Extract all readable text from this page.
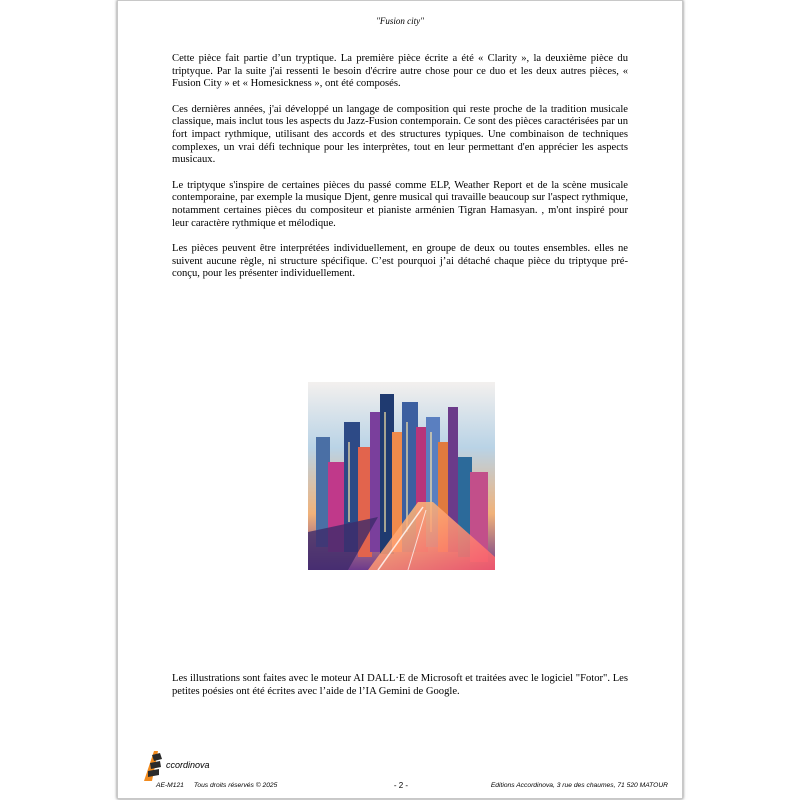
"Fusion city"

Cette pièce fait partie d’un tryptique. La première pièce écrite a été « Clarity », la deuxième pièce du triptyque. Par la suite j'ai ressenti le besoin d'écrire autre chose pour ce duo et les deux autres pièces, « Fusion City » et « Homesickness », ont été composés.

Ces dernières années, j'ai développé un langage de composition qui reste proche de la tradition musicale classique, mais inclut tous les aspects du Jazz-Fusion contemporain. Ce sont des pièces caractérisées par un fort impact rythmique, utilisant des accords et des structures typiques. Une combinaison de techniques complexes, un vrai défi technique pour les interprètes, tout en leur permettant d'en apprécier les aspects musicaux.

Le triptyque s'inspire de certaines pièces du passé comme ELP, Weather Report et de la scène musicale contemporaine, par exemple la musique Djent, genre musical qui travaille beaucoup sur l'aspect rythmique, notamment certaines pièces du compositeur et pianiste arménien Tigran Hamasyan. , m'ont inspiré pour leur caractère rythmique et mélodique.

Les pièces peuvent être interprétées individuellement, en groupe de deux ou toutes ensembles. elles ne suivent aucune règle, ni structure spécifique. C’est pourquoi j’ai détaché chaque pièce du triptyque pré-conçu, pour les présenter individuellement.

Les illustrations sont faites avec le moteur AI DALL·E de Microsoft et traitées avec le logiciel "Fotor". Les petites poésies ont été écrites avec l’aide de l’IA Gemini de Google.

ccordinova
AE-M121 Tous droits réservés © 2025	- 2 -	Editions Accordinova, 3 rue des chaumes, 71 520 MATOUR
